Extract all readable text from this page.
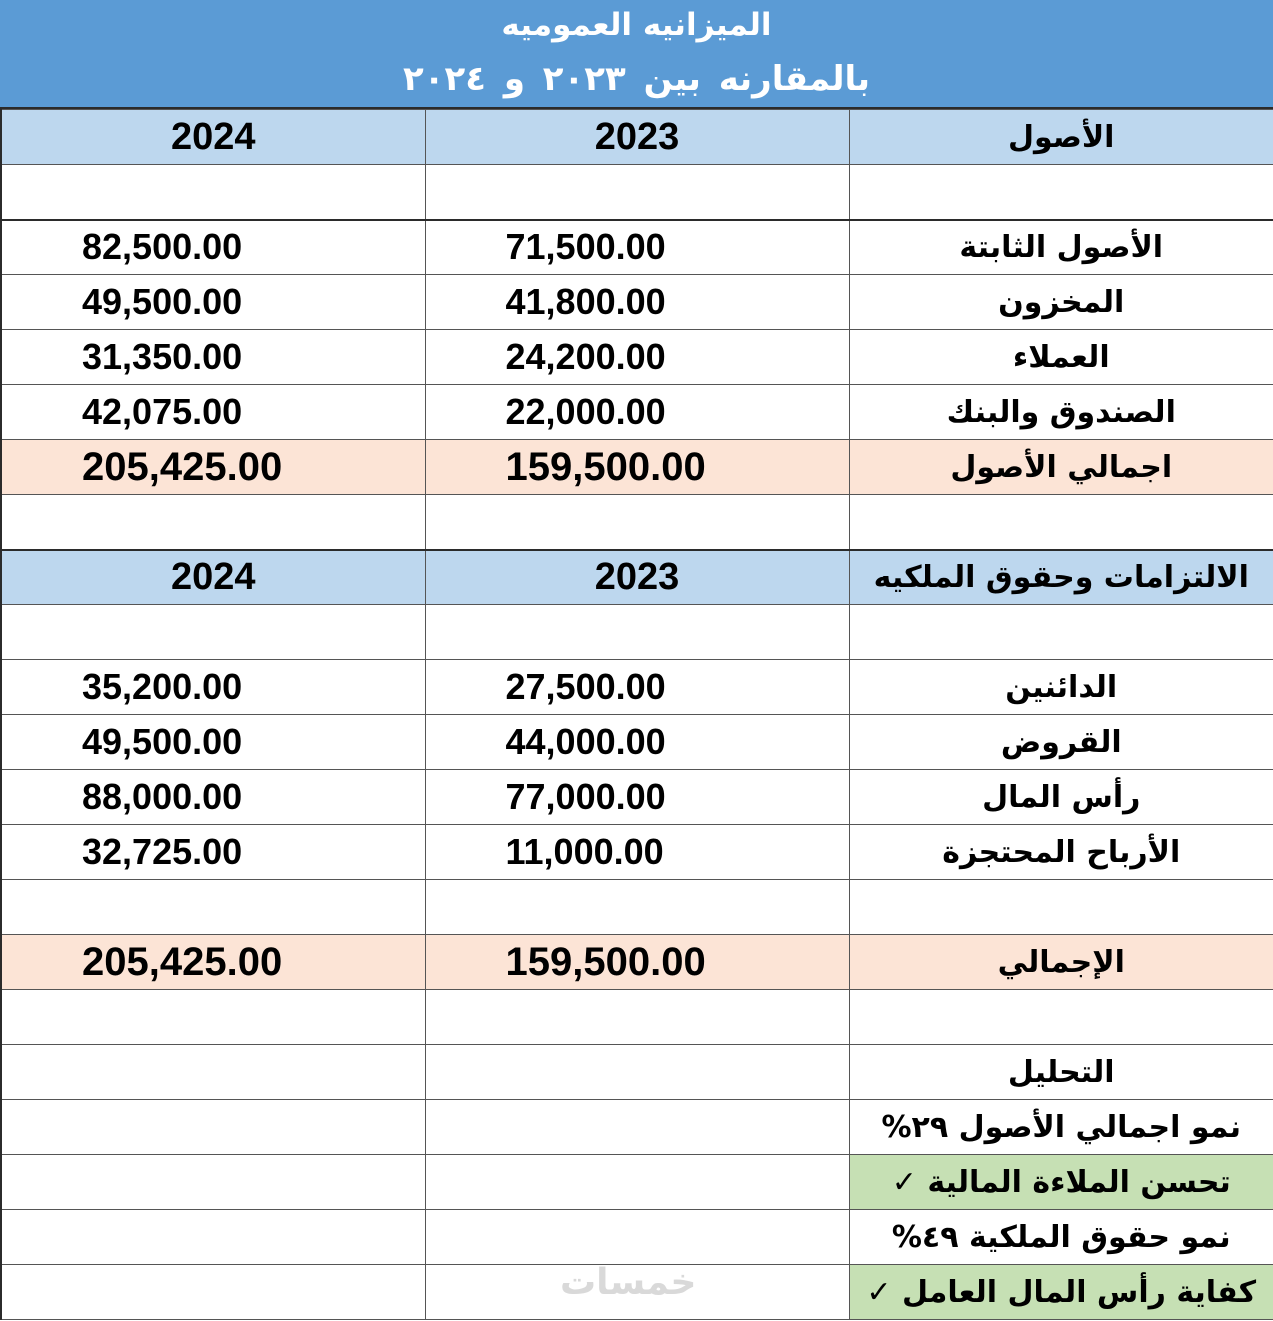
الميزانيه العموميه
بالمقارنه بين ٢٠٢٣ و ٢٠٢٤
2024	2023	الأصول

82,500.00	71,500.00	الأصول الثابتة
49,500.00	41,800.00	المخزون
31,350.00	24,200.00	العملاء
42,075.00	22,000.00	الصندوق والبنك
205,425.00	159,500.00	اجمالي الأصول

2024	2023	الالتزامات وحقوق الملكيه

35,200.00	27,500.00	الدائنين
49,500.00	44,000.00	القروض
88,000.00	77,000.00	رأس المال
32,725.00	11,000.00	الأرباح المحتجزة

205,425.00	159,500.00	الإجمالي

		التحليل
		نمو اجمالي الأصول ٢٩%
		تحسن الملاءة المالية ✓
		نمو حقوق الملكية ٤٩%
		كفاية رأس المال العامل ✓
خمسات
